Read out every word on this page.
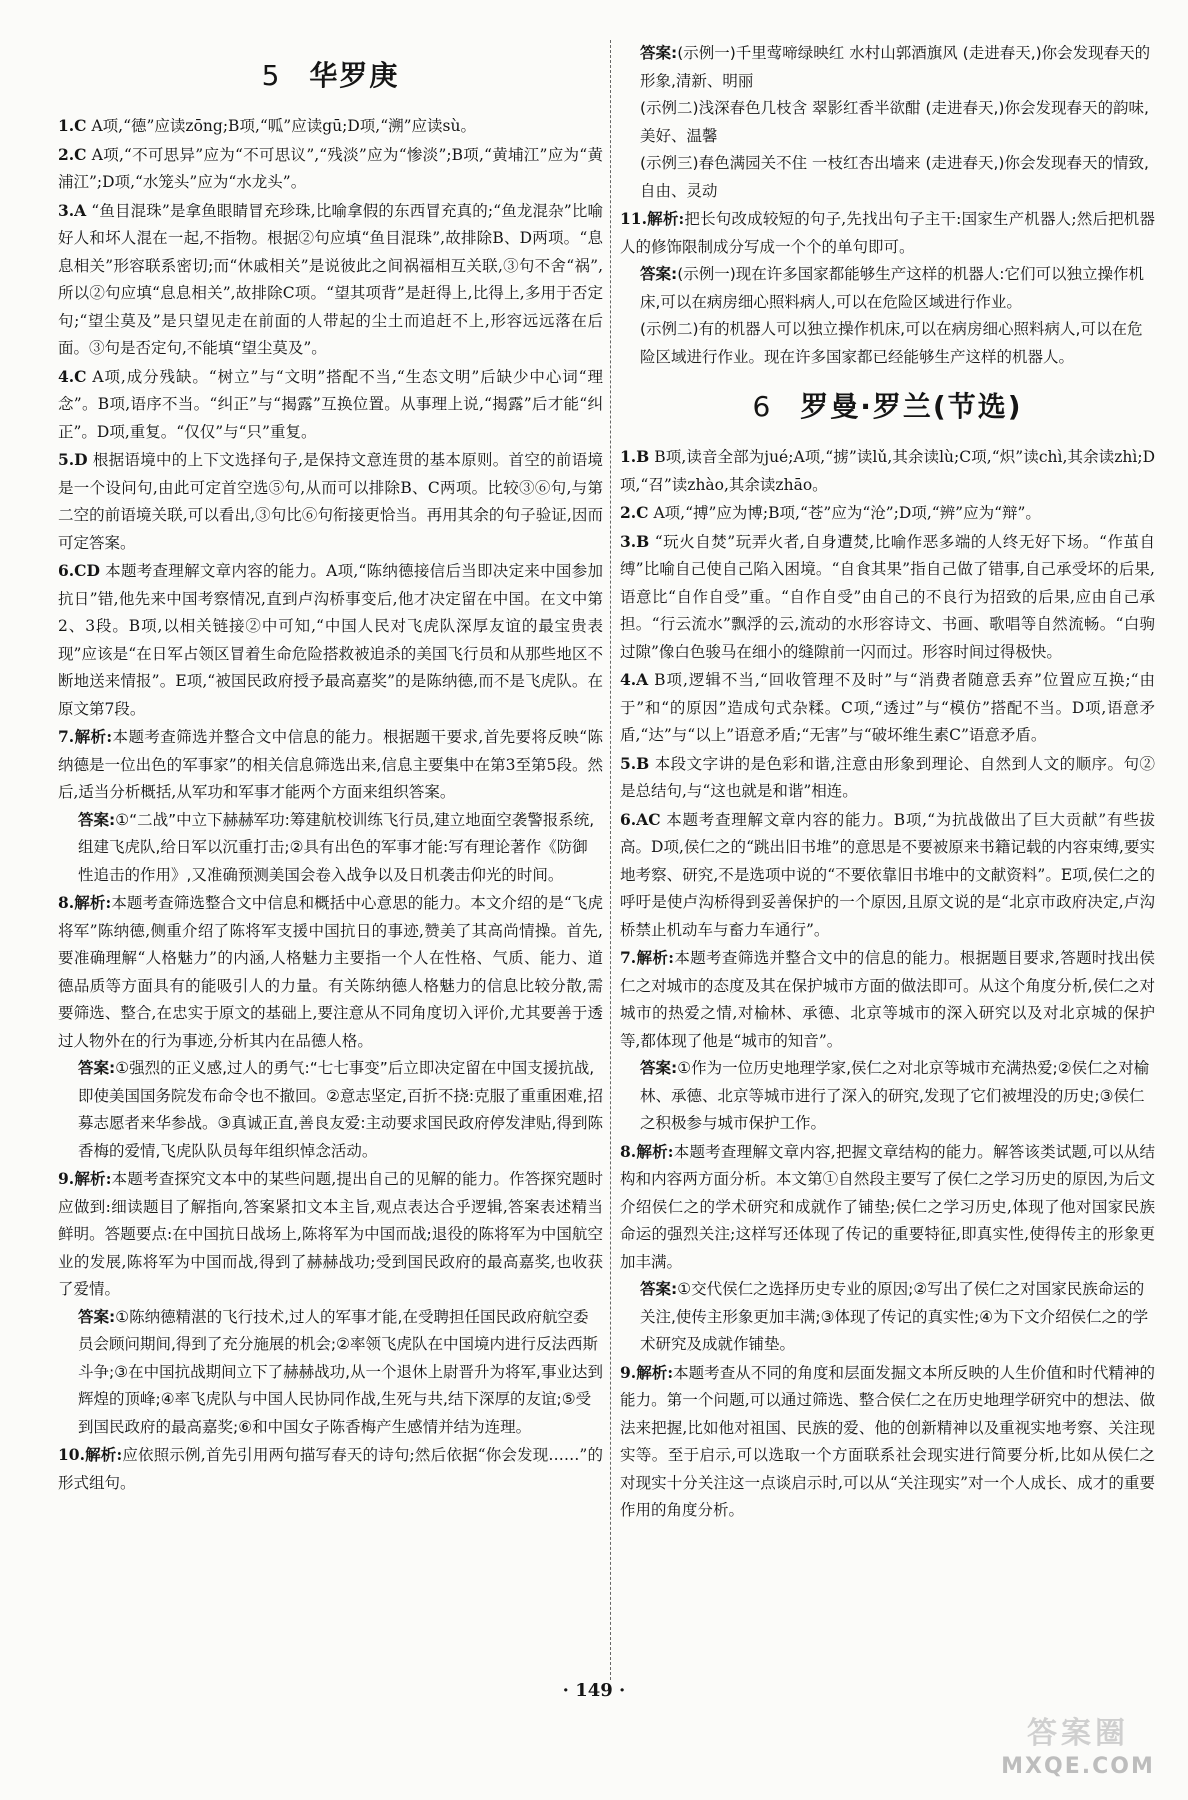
5 华罗庚

1.C A项,“德”应读zōng;B项,“呱”应读gū;D项,“溯”应读sù。

2.C A项,“不可思异”应为“不可思议”,“残淡”应为“惨淡”;B项,“黄埔江”应为“黄浦江”;D项,“水笼头”应为“水龙头”。

3.A “鱼目混珠”是拿鱼眼睛冒充珍珠,比喻拿假的东西冒充真的;“鱼龙混杂”比喻好人和坏人混在一起,不指物。根据②句应填“鱼目混珠”,故排除B、D两项。“息息相关”形容联系密切;而“休戚相关”是说彼此之间祸福相互关联,③句不舍“祸”,所以②句应填“息息相关”,故排除C项。“望其项背”是赶得上,比得上,多用于否定句;“望尘莫及”是只望见走在前面的人带起的尘土而追赶不上,形容远远落在后面。③句是否定句,不能填“望尘莫及”。

4.C A项,成分残缺。“树立”与“文明”搭配不当,“生态文明”后缺少中心词“理念”。B项,语序不当。“纠正”与“揭露”互换位置。从事理上说,“揭露”后才能“纠正”。D项,重复。“仅仅”与“只”重复。

5.D 根据语境中的上下文选择句子,是保持文意连贯的基本原则。首空的前语境是一个设问句,由此可定首空选⑤句,从而可以排除B、C两项。比较③⑥句,与第二空的前语境关联,可以看出,③句比⑥句衔接更恰当。再用其余的句子验证,因而可定答案。

6.CD 本题考查理解文章内容的能力。A项,“陈纳德接信后当即决定来中国参加抗日”错,他先来中国考察情况,直到卢沟桥事变后,他才决定留在中国。在文中第2、3段。B项,以相关链接②中可知,“中国人民对飞虎队深厚友谊的最宝贵表现”应该是“在日军占领区冒着生命危险搭救被追杀的美国飞行员和从那些地区不断地送来情报”。E项,“被国民政府授予最高嘉奖”的是陈纳德,而不是飞虎队。在原文第7段。

7.解析:本题考查筛选并整合文中信息的能力。根据题干要求,首先要将反映“陈纳德是一位出色的军事家”的相关信息筛选出来,信息主要集中在第3至第5段。然后,适当分析概括,从军功和军事才能两个方面来组织答案。

答案:①“二战”中立下赫赫军功:筹建航校训练飞行员,建立地面空袭警报系统,组建飞虎队,给日军以沉重打击;②具有出色的军事才能:写有理论著作《防御性追击的作用》,又准确预测美国会卷入战争以及日机袭击仰光的时间。

8.解析:本题考查筛选整合文中信息和概括中心意思的能力。本文介绍的是“飞虎将军”陈纳德,侧重介绍了陈将军支援中国抗日的事迹,赞美了其高尚情操。首先,要准确理解“人格魅力”的内涵,人格魅力主要指一个人在性格、气质、能力、道德品质等方面具有的能吸引人的力量。有关陈纳德人格魅力的信息比较分散,需要筛选、整合,在忠实于原文的基础上,要注意从不同角度切入评价,尤其要善于透过人物外在的行为事迹,分析其内在品德人格。

答案:①强烈的正义感,过人的勇气:“七七事变”后立即决定留在中国支援抗战,即使美国国务院发布命令也不撤回。②意志坚定,百折不挠:克服了重重困难,招募志愿者来华参战。③真诚正直,善良友爱:主动要求国民政府停发津贴,得到陈香梅的爱情,飞虎队队员每年组织悼念活动。

9.解析:本题考查探究文本中的某些问题,提出自己的见解的能力。作答探究题时应做到:细读题目了解指向,答案紧扣文本主旨,观点表达合乎逻辑,答案表述精当鲜明。答题要点:在中国抗日战场上,陈将军为中国而战;退役的陈将军为中国航空业的发展,陈将军为中国而战,得到了赫赫战功;受到国民政府的最高嘉奖,也收获了爱情。

答案:①陈纳德精湛的飞行技术,过人的军事才能,在受聘担任国民政府航空委员会顾问期间,得到了充分施展的机会;②率领飞虎队在中国境内进行反法西斯斗争;③在中国抗战期间立下了赫赫战功,从一个退休上尉晋升为将军,事业达到辉煌的顶峰;④率飞虎队与中国人民协同作战,生死与共,结下深厚的友谊;⑤受到国民政府的最高嘉奖;⑥和中国女子陈香梅产生感情并结为连理。

10.解析:应依照示例,首先引用两句描写春天的诗句;然后依据“你会发现……”的形式组句。

答案:(示例一)千里莺啼绿映红 水村山郭酒旗风 (走进春天,)你会发现春天的形象,清新、明丽

(示例二)浅深春色几枝含 翠影红香半欲酣 (走进春天,)你会发现春天的韵味,美好、温馨

(示例三)春色满园关不住 一枝红杏出墙来 (走进春天,)你会发现春天的情致,自由、灵动

11.解析:把长句改成较短的句子,先找出句子主干:国家生产机器人;然后把机器人的修饰限制成分写成一个个的单句即可。

答案:(示例一)现在许多国家都能够生产这样的机器人:它们可以独立操作机床,可以在病房细心照料病人,可以在危险区域进行作业。

(示例二)有的机器人可以独立操作机床,可以在病房细心照料病人,可以在危险区域进行作业。现在许多国家都已经能够生产这样的机器人。

6 罗曼·罗兰(节选)

1.B B项,读音全部为jué;A项,“掳”读lǔ,其余读lù;C项,“炽”读chì,其余读zhì;D项,“召”读zhào,其余读zhāo。

2.C A项,“搏”应为博;B项,“苍”应为“沧”;D项,“辨”应为“辩”。

3.B “玩火自焚”玩弄火者,自身遭焚,比喻作恶多端的人终无好下场。“作茧自缚”比喻自己使自己陷入困境。“自食其果”指自己做了错事,自己承受坏的后果,语意比“自作自受”重。“自作自受”由自己的不良行为招致的后果,应由自己承担。“行云流水”飘浮的云,流动的水形容诗文、书画、歌唱等自然流畅。“白驹过隙”像白色骏马在细小的缝隙前一闪而过。形容时间过得极快。

4.A B项,逻辑不当,“回收管理不及时”与“消费者随意丢弃”位置应互换;“由于”和“的原因”造成句式杂糅。C项,“透过”与“模仿”搭配不当。D项,语意矛盾,“达”与“以上”语意矛盾;“无害”与“破坏维生素C”语意矛盾。

5.B 本段文字讲的是色彩和谐,注意由形象到理论、自然到人文的顺序。句②是总结句,与“这也就是和谐”相连。

6.AC 本题考查理解文章内容的能力。B项,“为抗战做出了巨大贡献”有些拔高。D项,侯仁之的“跳出旧书堆”的意思是不要被原来书籍记载的内容束缚,要实地考察、研究,不是选项中说的“不要依靠旧书堆中的文献资料”。E项,侯仁之的呼吁是使卢沟桥得到妥善保护的一个原因,且原文说的是“北京市政府决定,卢沟桥禁止机动车与畜力车通行”。

7.解析:本题考查筛选并整合文中的信息的能力。根据题目要求,答题时找出侯仁之对城市的态度及其在保护城市方面的做法即可。从这个角度分析,侯仁之对城市的热爱之情,对榆林、承德、北京等城市的深入研究以及对北京城的保护等,都体现了他是“城市的知音”。

答案:①作为一位历史地理学家,侯仁之对北京等城市充满热爱;②侯仁之对榆林、承德、北京等城市进行了深入的研究,发现了它们被埋没的历史;③侯仁之积极参与城市保护工作。

8.解析:本题考查理解文章内容,把握文章结构的能力。解答该类试题,可以从结构和内容两方面分析。本文第①自然段主要写了侯仁之学习历史的原因,为后文介绍侯仁之的学术研究和成就作了铺垫;侯仁之学习历史,体现了他对国家民族命运的强烈关注;这样写还体现了传记的重要特征,即真实性,使得传主的形象更加丰满。

答案:①交代侯仁之选择历史专业的原因;②写出了侯仁之对国家民族命运的关注,使传主形象更加丰满;③体现了传记的真实性;④为下文介绍侯仁之的学术研究及成就作铺垫。

9.解析:本题考查从不同的角度和层面发掘文本所反映的人生价值和时代精神的能力。第一个问题,可以通过筛选、整合侯仁之在历史地理学研究中的想法、做法来把握,比如他对祖国、民族的爱、他的创新精神以及重视实地考察、关注现实等。至于启示,可以选取一个方面联系社会现实进行简要分析,比如从侯仁之对现实十分关注这一点谈启示时,可以从“关注现实”对一个人成长、成才的重要作用的角度分析。

· 149 ·
答案圈
MXQE.COM
